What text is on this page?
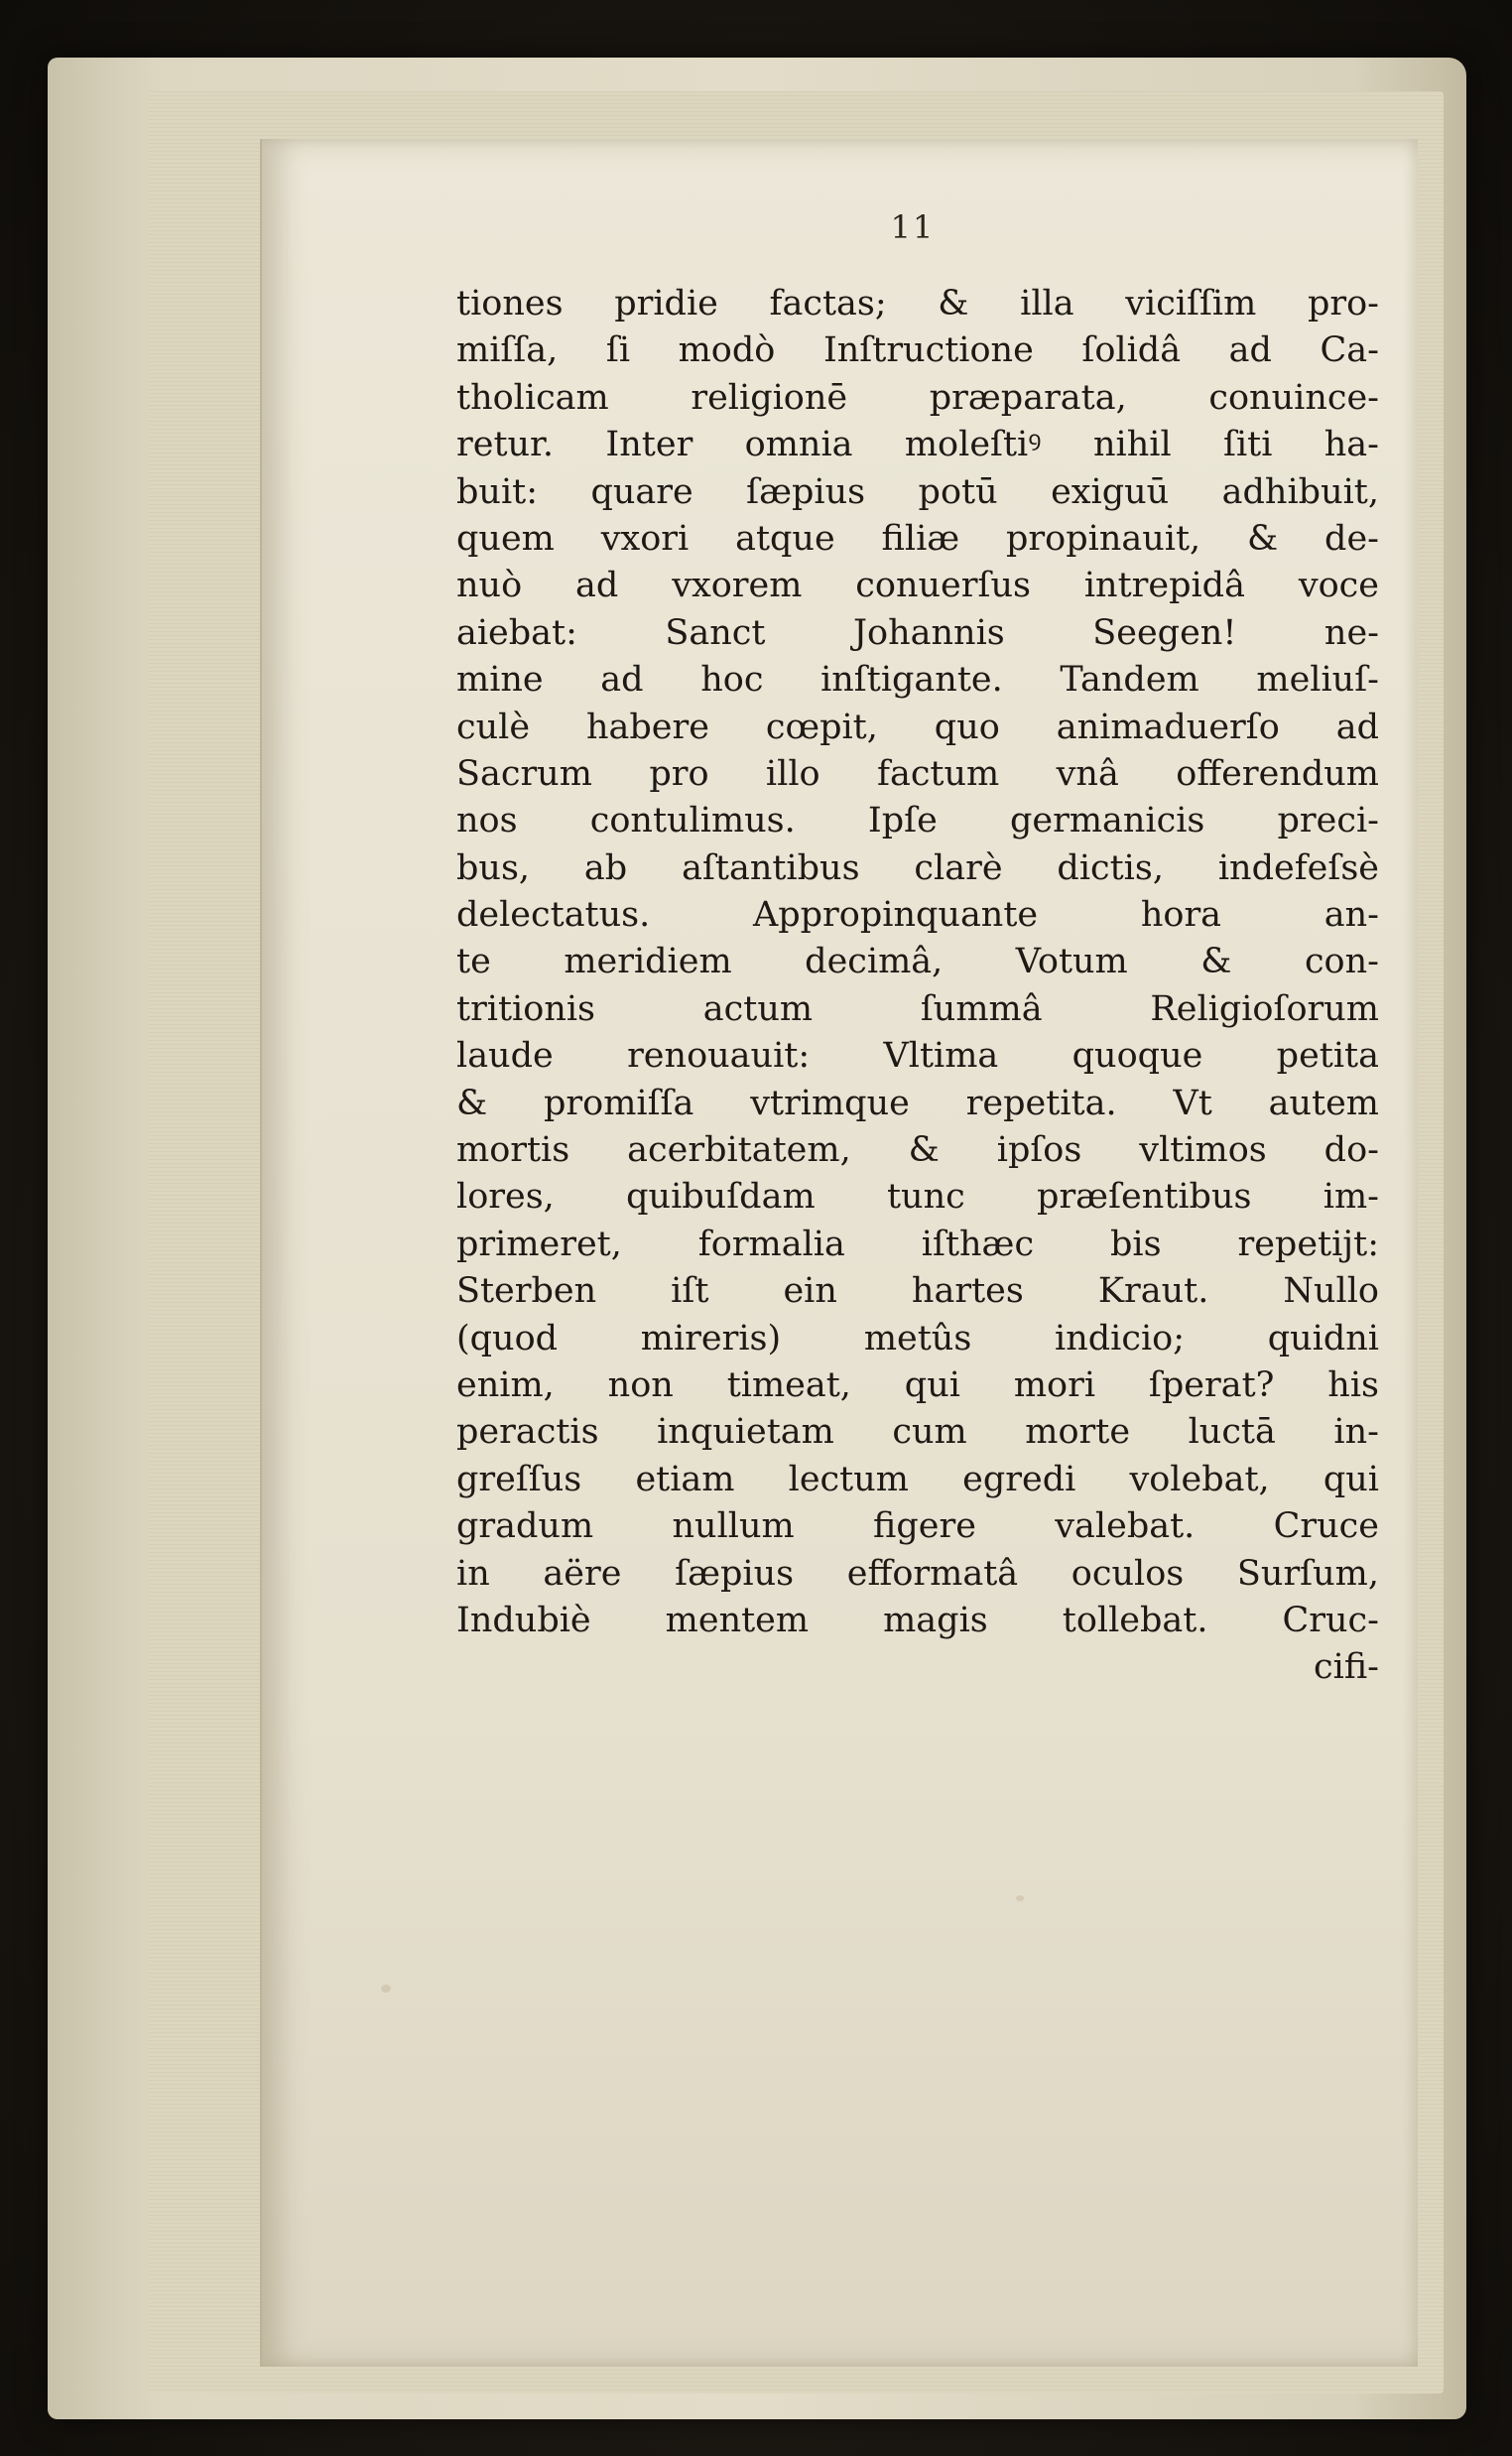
11
tiones pridie factas; & illa viciſſim pro-
miſſa, ſi modò Inſtructione ſolidâ ad Ca-
tholicam religionē præparata, conuince-
retur. Inter omnia moleſtiꝰ nihil ſiti ha-
buit: quare ſæpius potū exiguū adhibuit,
quem vxori atque filiæ propinauit, & de-
nuò ad vxorem conuerſus intrepidâ voce
aiebat: Sanct Johannis Seegen! ne-
mine ad hoc inſtigante. Tandem meliuſ-
culè habere cœpit, quo animaduerſo ad
Sacrum pro illo factum vnâ offerendum
nos contulimus. Ipſe germanicis preci-
bus, ab aſtantibus clarè dictis, indefeſsè
delectatus. Appropinquante hora an-
te meridiem decimâ, Votum & con-
tritionis actum ſummâ Religioſorum
laude renouauit: Vltima quoque petita
& promiſſa vtrimque repetita. Vt autem
mortis acerbitatem, & ipſos vltimos do-
lores, quibuſdam tunc præſentibus im-
primeret, formalia iſthæc bis repetijt:
Sterben iſt ein hartes Kraut. Nullo
(quod mireris) metûs indicio; quidni
enim, non timeat, qui mori ſperat? his
peractis inquietam cum morte luctā in-
greſſus etiam lectum egredi volebat, qui
gradum nullum figere valebat. Cruce
in aëre ſæpius efformatâ oculos Surſum,
Indubiè mentem magis tollebat. Cruc-
cifi-
